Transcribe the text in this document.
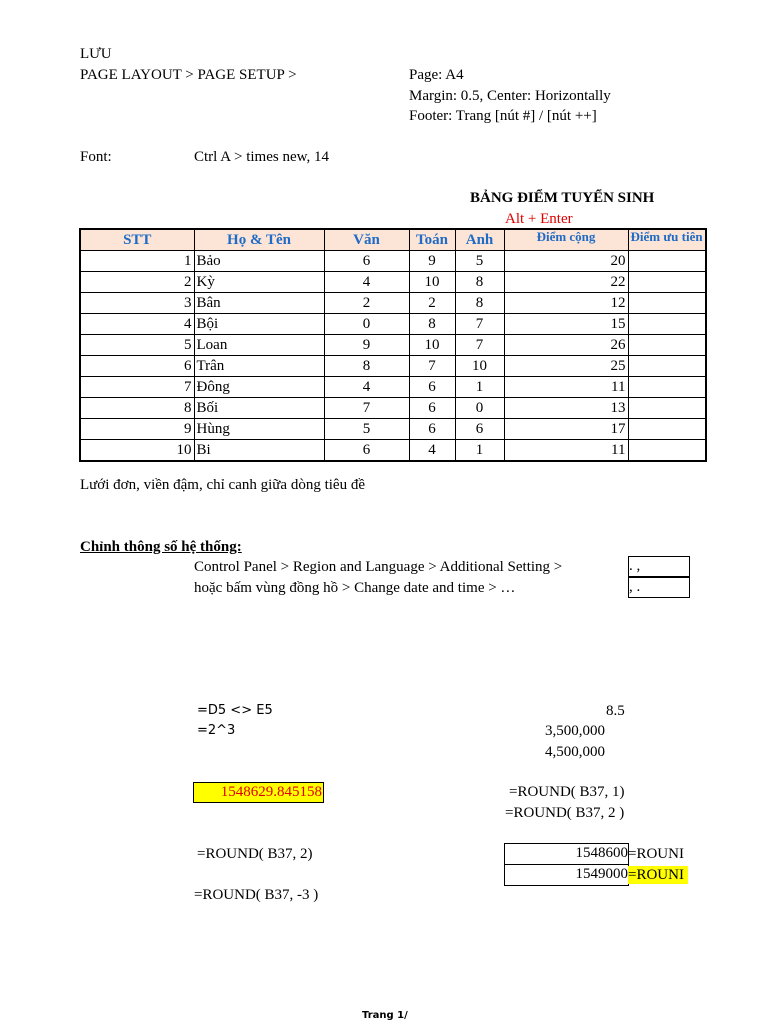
LƯU
PAGE LAYOUT > PAGE SETUP >	Page: A4
Margin: 0.5, Center: Horizontally
Footer: Trang [nút #] / [nút ++]
Font:	Ctrl A > times new, 14
BẢNG ĐIỂM TUYỂN SINH
Alt + Enter
STT	Họ & Tên	Văn	Toán	Anh	Điểm cộng	Điểm ưu tiên
1	Bảo	6	9	5	20	
2	Kỳ	4	10	8	22	
3	Bân	2	2	8	12	
4	Bội	0	8	7	15	
5	Loan	9	10	7	26	
6	Trân	8	7	10	25	
7	Đông	4	6	1	11	
8	Bối	7	6	0	13	
9	Hùng	5	6	6	17	
10	Bi	6	4	1	11	
Lưới đơn, viền đậm, chỉ canh giữa dòng tiêu đề
Chỉnh thông số hệ thống:
Control Panel > Region and Language > Additional Setting >
hoặc bấm vùng đồng hồ > Change date and time > …
. ,
, .
=D5 <> E5
=2^3
8.5
3,500,000
4,500,000
1548629.845158	=ROUND( B37, 1)
=ROUND( B37, 2 )
=ROUND( B37, 2)
=ROUND( B37, -3 )
1548600
1549000
=ROUNI
=ROUNI
Trang 1/
